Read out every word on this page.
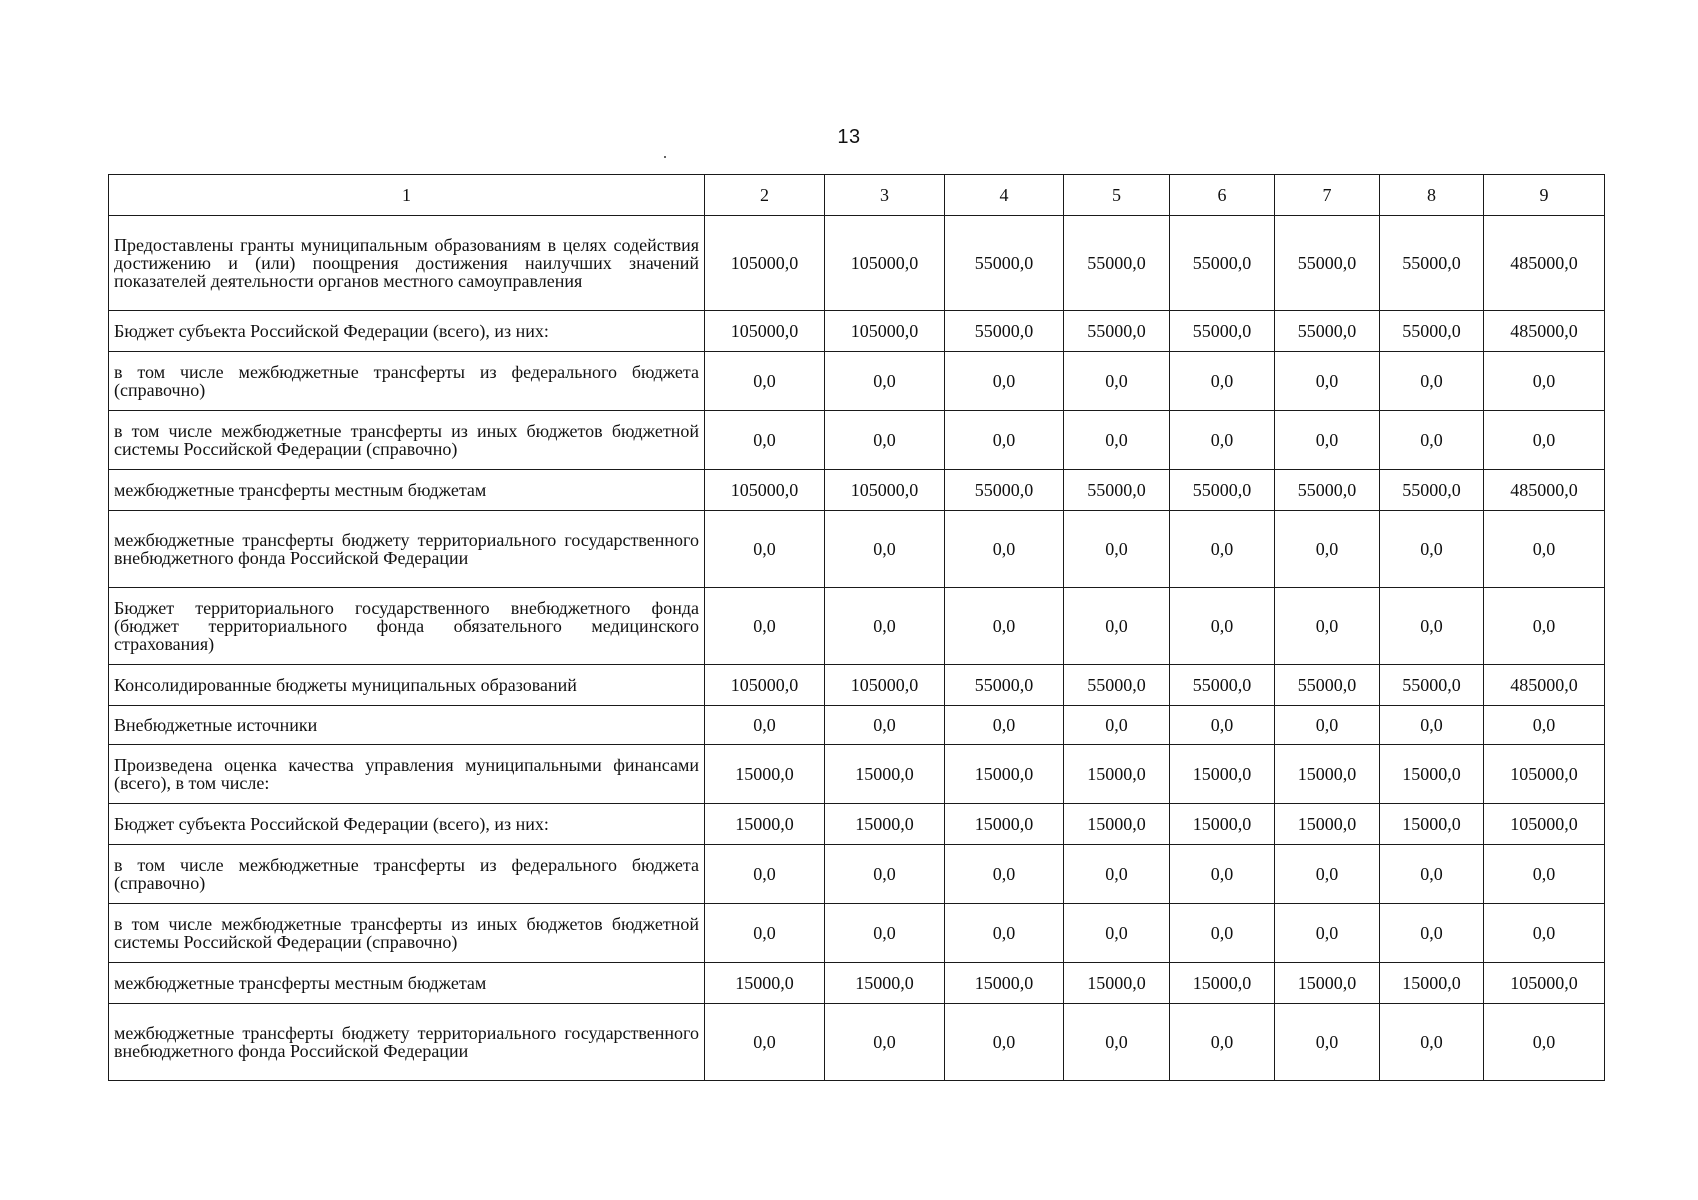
13
1	2	3	4	5	6	7	8	9
Предоставлены гранты муниципальным образованиям в целях содействия достижению и (или) поощрения достижения наилучших значений показателей деятельности органов местного самоуправления	105000,0	105000,0	55000,0	55000,0	55000,0	55000,0	55000,0	485000,0
Бюджет субъекта Российской Федерации (всего), из них:	105000,0	105000,0	55000,0	55000,0	55000,0	55000,0	55000,0	485000,0
в том числе межбюджетные трансферты из федерального бюджета (справочно)	0,0	0,0	0,0	0,0	0,0	0,0	0,0	0,0
в том числе межбюджетные трансферты из иных бюджетов бюджетной системы Российской Федерации (справочно)	0,0	0,0	0,0	0,0	0,0	0,0	0,0	0,0
межбюджетные трансферты местным бюджетам	105000,0	105000,0	55000,0	55000,0	55000,0	55000,0	55000,0	485000,0
межбюджетные трансферты бюджету территориального государственного внебюджетного фонда Российской Федерации	0,0	0,0	0,0	0,0	0,0	0,0	0,0	0,0
Бюджет территориального государственного внебюджетного фонда (бюджет территориального фонда обязательного медицинского страхования)	0,0	0,0	0,0	0,0	0,0	0,0	0,0	0,0
Консолидированные бюджеты муниципальных образований	105000,0	105000,0	55000,0	55000,0	55000,0	55000,0	55000,0	485000,0
Внебюджетные источники	0,0	0,0	0,0	0,0	0,0	0,0	0,0	0,0
Произведена оценка качества управления муниципальными финансами (всего), в том числе:	15000,0	15000,0	15000,0	15000,0	15000,0	15000,0	15000,0	105000,0
Бюджет субъекта Российской Федерации (всего), из них:	15000,0	15000,0	15000,0	15000,0	15000,0	15000,0	15000,0	105000,0
в том числе межбюджетные трансферты из федерального бюджета (справочно)	0,0	0,0	0,0	0,0	0,0	0,0	0,0	0,0
в том числе межбюджетные трансферты из иных бюджетов бюджетной системы Российской Федерации (справочно)	0,0	0,0	0,0	0,0	0,0	0,0	0,0	0,0
межбюджетные трансферты местным бюджетам	15000,0	15000,0	15000,0	15000,0	15000,0	15000,0	15000,0	105000,0
межбюджетные трансферты бюджету территориального государственного внебюджетного фонда Российской Федерации	0,0	0,0	0,0	0,0	0,0	0,0	0,0	0,0
